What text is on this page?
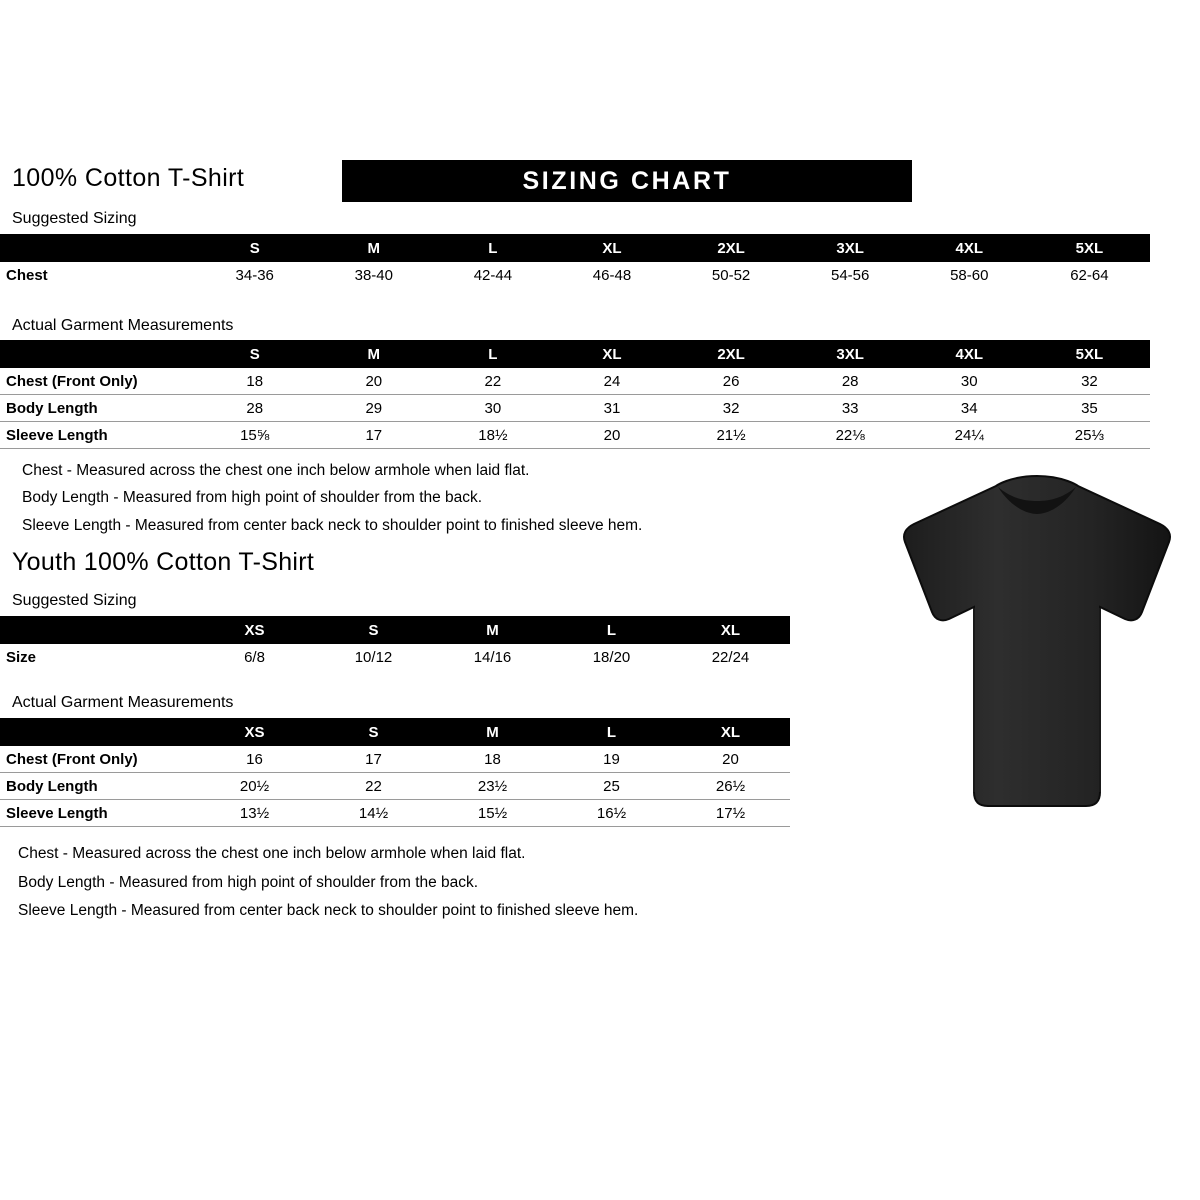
100% Cotton T-Shirt	SIZING CHART
Suggested Sizing
	S	M	L	XL	2XL	3XL	4XL	5XL
Chest	34-36	38-40	42-44	46-48	50-52	54-56	58-60	62-64
Actual Garment Measurements
	S	M	L	XL	2XL	3XL	4XL	5XL
Chest (Front Only)	18	20	22	24	26	28	30	32
Body Length	28	29	30	31	32	33	34	35
Sleeve Length	15⅝	17	18½	20	21½	22⅛	24¼	25⅓
Chest - Measured across the chest one inch below armhole when laid flat.
Body Length - Measured from high point of shoulder from the back.
Sleeve Length - Measured from center back neck to shoulder point to finished sleeve hem.
Youth 100% Cotton T-Shirt
Suggested Sizing
	XS	S	M	L	XL
Size	6/8	10/12	14/16	18/20	22/24
Actual Garment Measurements
	XS	S	M	L	XL
Chest (Front Only)	16	17	18	19	20
Body Length	20½	22	23½	25	26½
Sleeve Length	13½	14½	15½	16½	17½
Chest - Measured across the chest one inch below armhole when laid flat.
Body Length - Measured from high point of shoulder from the back.
Sleeve Length - Measured from center back neck to shoulder point to finished sleeve hem.
